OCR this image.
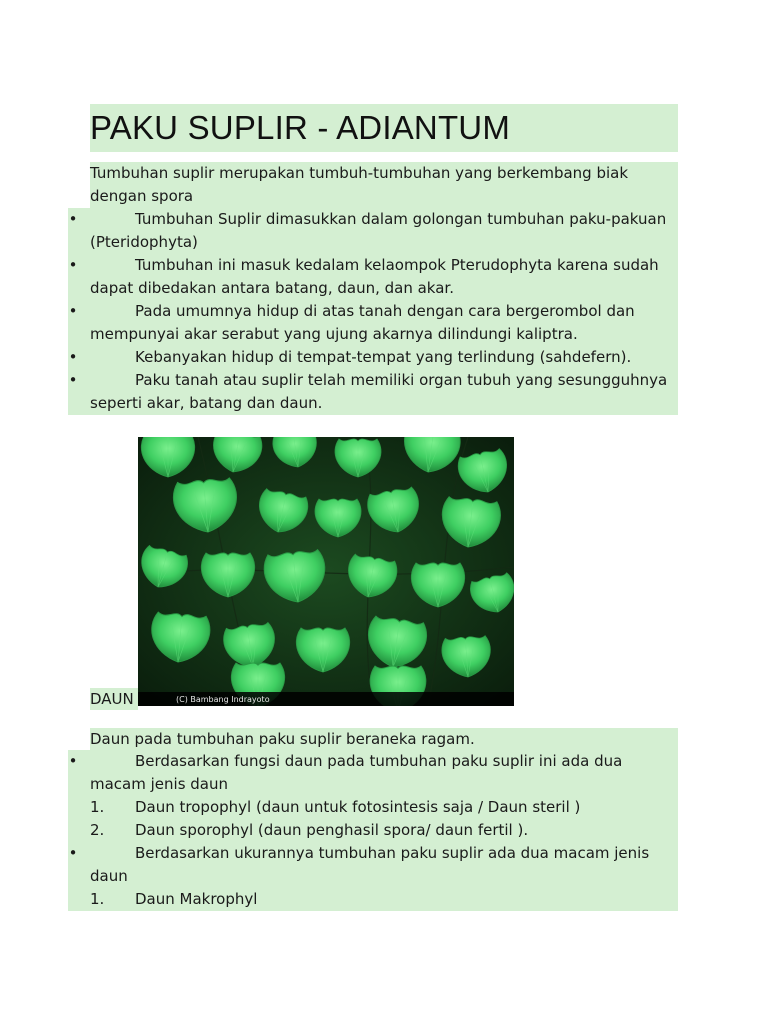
PAKU SUPLIR - ADIANTUM
Tumbuhan suplir merupakan tumbuh-tumbuhan yang berkembang biak dengan spora
•	Tumbuhan Suplir dimasukkan dalam golongan tumbuhan paku-pakuan (Pteridophyta)
•	Tumbuhan ini masuk kedalam kelaompok Pterudophyta karena sudah dapat dibedakan antara batang, daun, dan akar.
•	Pada umumnya hidup di atas tanah dengan cara bergerombol dan mempunyai akar serabut yang ujung akarnya dilindungi kaliptra.
•	Kebanyakan hidup di tempat-tempat yang terlindung (sahdefern).
•	Paku tanah atau suplir telah memiliki organ tubuh yang sesungguhnya seperti akar, batang dan daun.
(C) Bambang Indrayoto
DAUN
Daun pada tumbuhan paku suplir beraneka ragam.
•	Berdasarkan fungsi daun pada tumbuhan paku suplir ini ada dua macam jenis daun
1.	Daun tropophyl (daun untuk fotosintesis saja / Daun steril )
2.	Daun sporophyl (daun penghasil spora/ daun fertil ).
•	Berdasarkan ukurannya tumbuhan paku suplir ada dua macam jenis daun
1.	Daun Makrophyl
